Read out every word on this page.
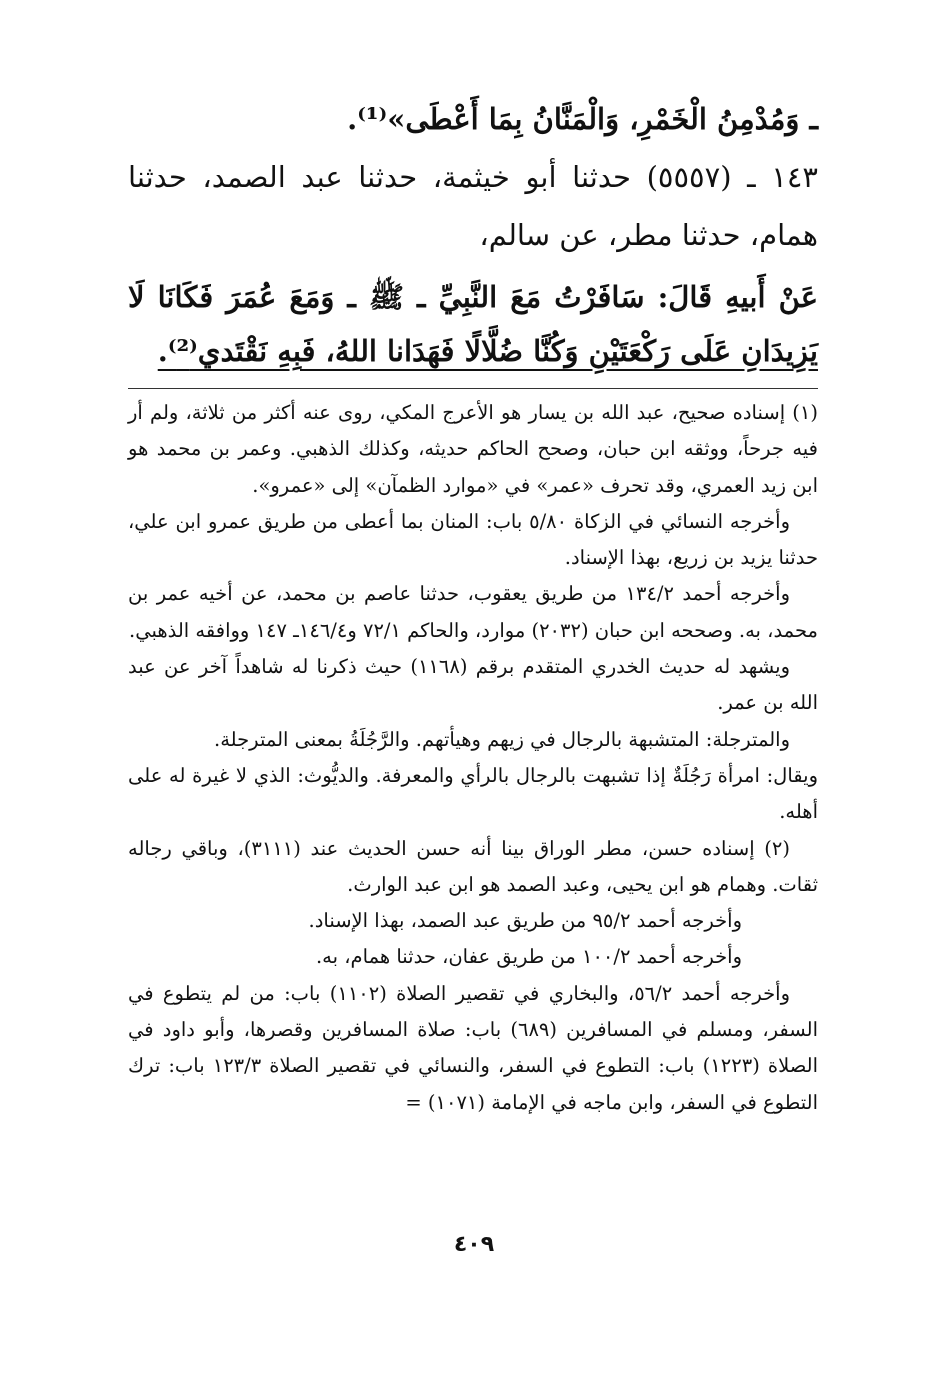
ـ وَمُدْمِنُ الْخَمْرِ، وَالْمَنَّانُ بِمَا أَعْطَى»⁽¹⁾.

١٤٣ ـ (٥٥٥٧) حدثنا أبو خيثمة، حدثنا عبد الصمد، حدثنا همام، حدثنا مطر، عن سالم،

عَنْ أَبيهِ قَالَ: سَافَرْتُ مَعَ النَّبِيِّ ـ ﷺ ـ وَمَعَ عُمَرَ فَكَانَا لَا يَزِيدَانِ عَلَى رَكْعَتَيْنِ وَكُنَّا ضُلَّالًا فَهَدَانا اللهُ، فَبِهِ نَقْتَدي⁽²⁾.

(١) إسناده صحيح، عبد الله بن يسار هو الأعرج المكي، روى عنه أكثر من ثلاثة، ولم أر فيه جرحاً، ووثقه ابن حبان، وصحح الحاكم حديثه، وكذلك الذهبي. وعمر بن محمد هو ابن زيد العمري، وقد تحرف «عمر» في «موارد الظمآن» إلى «عمرو».

وأخرجه النسائي في الزكاة ٥/٨٠ باب: المنان بما أعطى من طريق عمرو ابن علي، حدثنا يزيد بن زريع، بهذا الإسناد.

وأخرجه أحمد ١٣٤/٢ من طريق يعقوب، حدثنا عاصم بن محمد، عن أخيه عمر بن محمد، به. وصححه ابن حبان (٢٠٣٢) موارد، والحاكم ٧٢/١ و١٤٦/٤ـ ١٤٧ ووافقه الذهبي.

ويشهد له حديث الخدري المتقدم برقم (١١٦٨) حيث ذكرنا له شاهداً آخر عن عبد الله بن عمر.

والمترجلة: المتشبهة بالرجال في زيهم وهيأتهم. والرَّجُلَةُ بمعنى المترجلة.

ويقال: امرأة رَجُلَةٌ إذا تشبهت بالرجال بالرأي والمعرفة. والديُّوث: الذي لا غيرة له على أهله.

(٢) إسناده حسن، مطر الوراق بينا أنه حسن الحديث عند (٣١١١)، وباقي رجاله ثقات. وهمام هو ابن يحيى، وعبد الصمد هو ابن عبد الوارث.

وأخرجه أحمد ٩٥/٢ من طريق عبد الصمد، بهذا الإسناد.

وأخرجه أحمد ١٠٠/٢ من طريق عفان، حدثنا همام، به.

وأخرجه أحمد ٥٦/٢، والبخاري في تقصير الصلاة (١١٠٢) باب: من لم يتطوع في السفر، ومسلم في المسافرين (٦٨٩) باب: صلاة المسافرين وقصرها، وأبو داود في الصلاة (١٢٢٣) باب: التطوع في السفر، والنسائي في تقصير الصلاة ١٢٣/٣ باب: ترك التطوع في السفر، وابن ماجه في الإمامة (١٠٧١) =

٤٠٩
